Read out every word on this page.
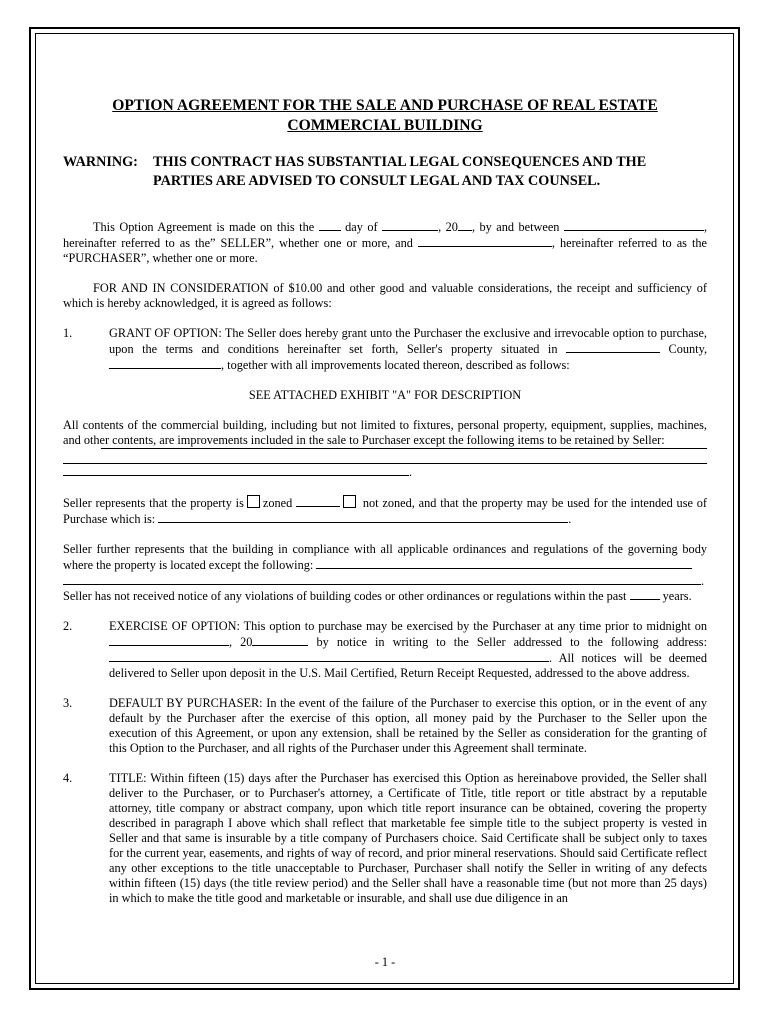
OPTION AGREEMENT FOR THE SALE AND PURCHASE OF REAL ESTATE

COMMERCIAL BUILDING

WARNING:	THIS CONTRACT HAS SUBSTANTIAL LEGAL CONSEQUENCES AND THE PARTIES ARE ADVISED TO CONSULT LEGAL AND TAX COUNSEL.

This Option Agreement is made on this the	day of	, 20 , by and between	, hereinafter referred to as the” SELLER”, whether one or more, and	, hereinafter referred to as the “PURCHASER”, whether one or more.

FOR AND IN CONSIDERATION of $10.00 and other good and valuable considerations, the receipt and sufficiency of which is hereby acknowledged, it is agreed as follows:

1.	GRANT OF OPTION: The Seller does hereby grant unto the Purchaser the exclusive and irrevocable option to purchase, upon the terms and conditions hereinafter set forth, Seller's property situated in	County, , together with all improvements located thereon, described as follows:

SEE ATTACHED EXHIBIT "A" FOR DESCRIPTION

All contents of the commercial building, including but not limited to fixtures, personal property, equipment, supplies, machines, and other contents, are improvements included in the sale to Purchaser except the following items to be retained by Seller:

.

Seller represents that the property is zoned	not zoned, and that the property may be used for the intended use of Purchase which is:	.

Seller further represents that the building in compliance with all applicable ordinances and regulations of the governing body where the property is located except the following:

.

Seller has not received notice of any violations of building codes or other ordinances or regulations within the past	years.

2.	EXERCISE OF OPTION: This option to purchase may be exercised by the Purchaser at any time prior to midnight on , 20	by notice in writing to the Seller addressed to the following address: . All notices will be deemed delivered to Seller upon deposit in the U.S. Mail Certified, Return Receipt Requested, addressed to the above address.

3.	DEFAULT BY PURCHASER: In the event of the failure of the Purchaser to exercise this option, or in the event of any default by the Purchaser after the exercise of this option, all money paid by the Purchaser to the Seller upon the execution of this Agreement, or upon any extension, shall be retained by the Seller as consideration for the granting of this Option to the Purchaser, and all rights of the Purchaser under this Agreement shall terminate.

4.	TITLE: Within fifteen (15) days after the Purchaser has exercised this Option as hereinabove provided, the Seller shall deliver to the Purchaser, or to Purchaser's attorney, a Certificate of Title, title report or title abstract by a reputable attorney, title company or abstract company, upon which title report insurance can be obtained, covering the property described in paragraph I above which shall reflect that marketable fee simple title to the subject property is vested in Seller and that same is insurable by a title company of Purchasers choice. Said Certificate shall be subject only to taxes for the current year, easements, and rights of way of record, and prior mineral reservations. Should said Certificate reflect any other exceptions to the title unacceptable to Purchaser, Purchaser shall notify the Seller in writing of any defects within fifteen (15) days (the title review period) and the Seller shall have a reasonable time (but not more than 25 days) in which to make the title good and marketable or insurable, and shall use due diligence in an

- 1 -
